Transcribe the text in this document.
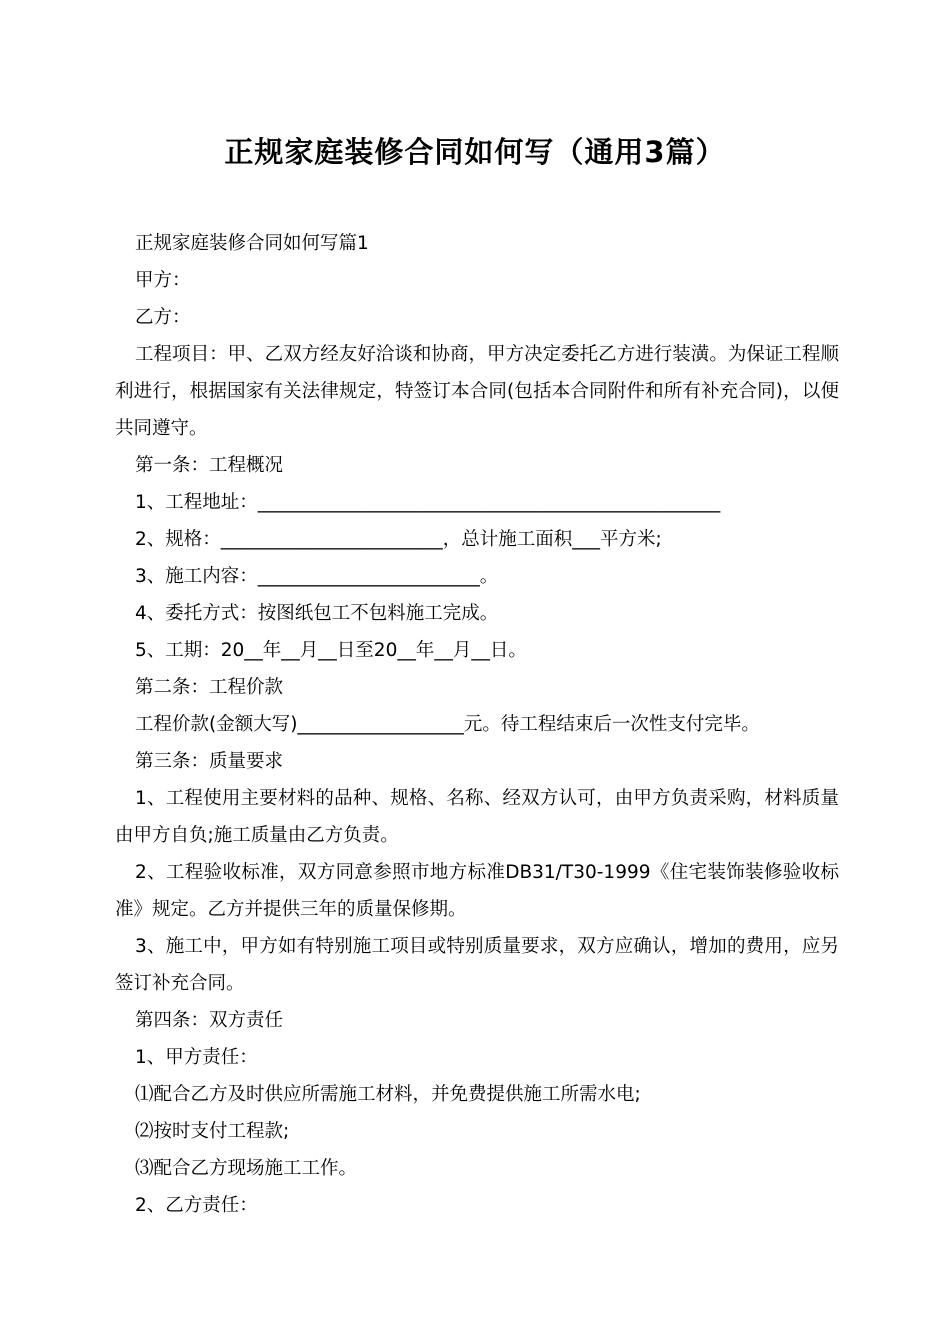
正规家庭装修合同如何写（通用3篇）

正规家庭装修合同如何写篇1

甲方：

乙方：

工程项目：甲、乙双方经友好洽谈和协商，甲方决定委托乙方进行装潢。为保证工程顺利进行，根据国家有关法律规定，特签订本合同(包括本合同附件和所有补充合同)，以便共同遵守。

第一条：工程概况

1、工程地址：__________________________________________________

2、规格：________________________，总计施工面积___平方米;

3、施工内容：________________________。

4、委托方式：按图纸包工不包料施工完成。

5、工期：20__年__月__日至20__年__月__日。

第二条：工程价款

工程价款(金额大写)__________________元。待工程结束后一次性支付完毕。

第三条：质量要求

1、工程使用主要材料的品种、规格、名称、经双方认可，由甲方负责采购，材料质量由甲方自负;施工质量由乙方负责。

2、工程验收标准，双方同意参照市地方标准DB31/T30-1999《住宅装饰装修验收标准》规定。乙方并提供三年的质量保修期。

3、施工中，甲方如有特别施工项目或特别质量要求，双方应确认，增加的费用，应另签订补充合同。

第四条：双方责任

1、甲方责任：

⑴配合乙方及时供应所需施工材料，并免费提供施工所需水电;

⑵按时支付工程款;

⑶配合乙方现场施工工作。

2、乙方责任：
